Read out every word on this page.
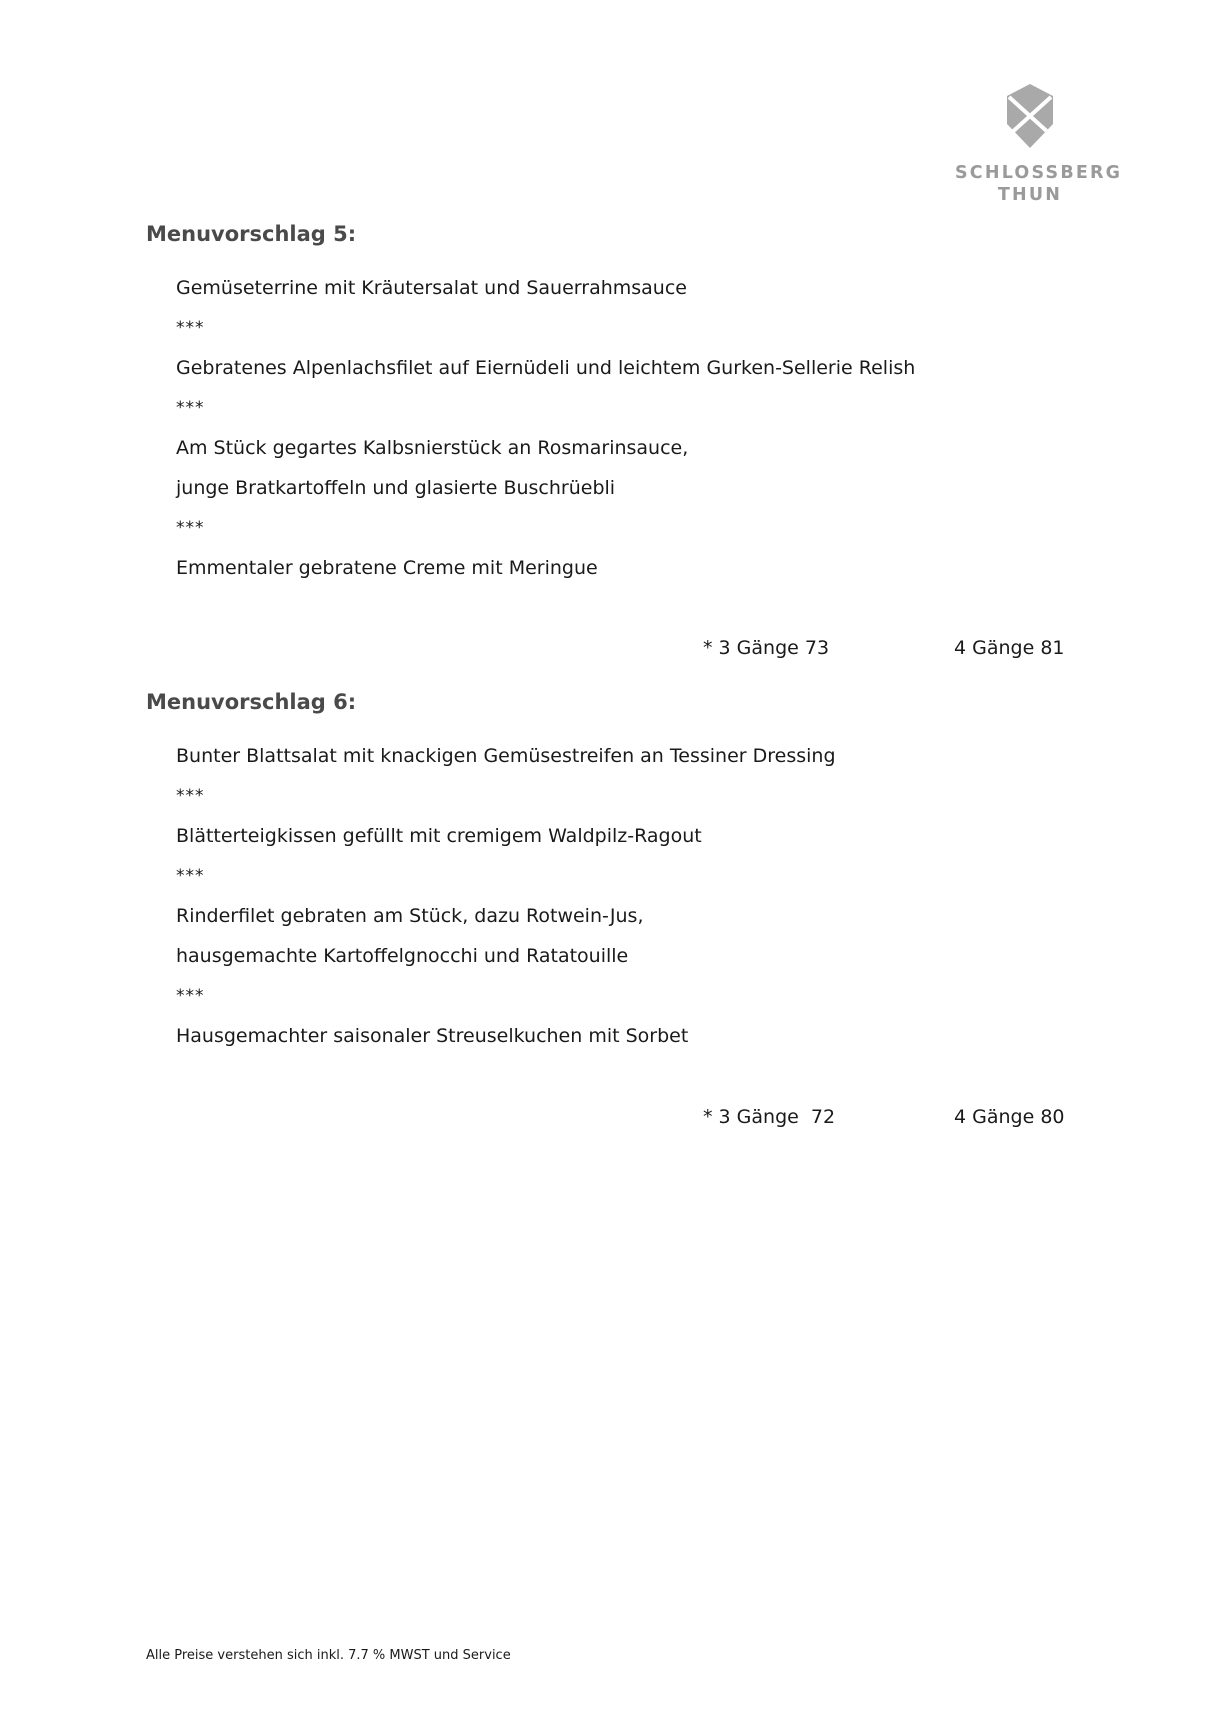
SCHLOSSBERG
THUN
Menuvorschlag 5:
Gemüseterrine mit Kräutersalat und Sauerrahmsauce
***
Gebratenes Alpenlachsfilet auf Eiernüdeli und leichtem Gurken-Sellerie Relish
***
Am Stück gegartes Kalbsnierstück an Rosmarinsauce,
junge Bratkartoffeln und glasierte Buschrüebli
***
Emmentaler gebratene Creme mit Meringue
* 3 Gänge 73	4 Gänge 81
Menuvorschlag 6:
Bunter Blattsalat mit knackigen Gemüsestreifen an Tessiner Dressing
***
Blätterteigkissen gefüllt mit cremigem Waldpilz-Ragout
***
Rinderfilet gebraten am Stück, dazu Rotwein-Jus,
hausgemachte Kartoffelgnocchi und Ratatouille
***
Hausgemachter saisonaler Streuselkuchen mit Sorbet
* 3 Gänge  72	4 Gänge 80
Alle Preise verstehen sich inkl. 7.7 % MWST und Service
